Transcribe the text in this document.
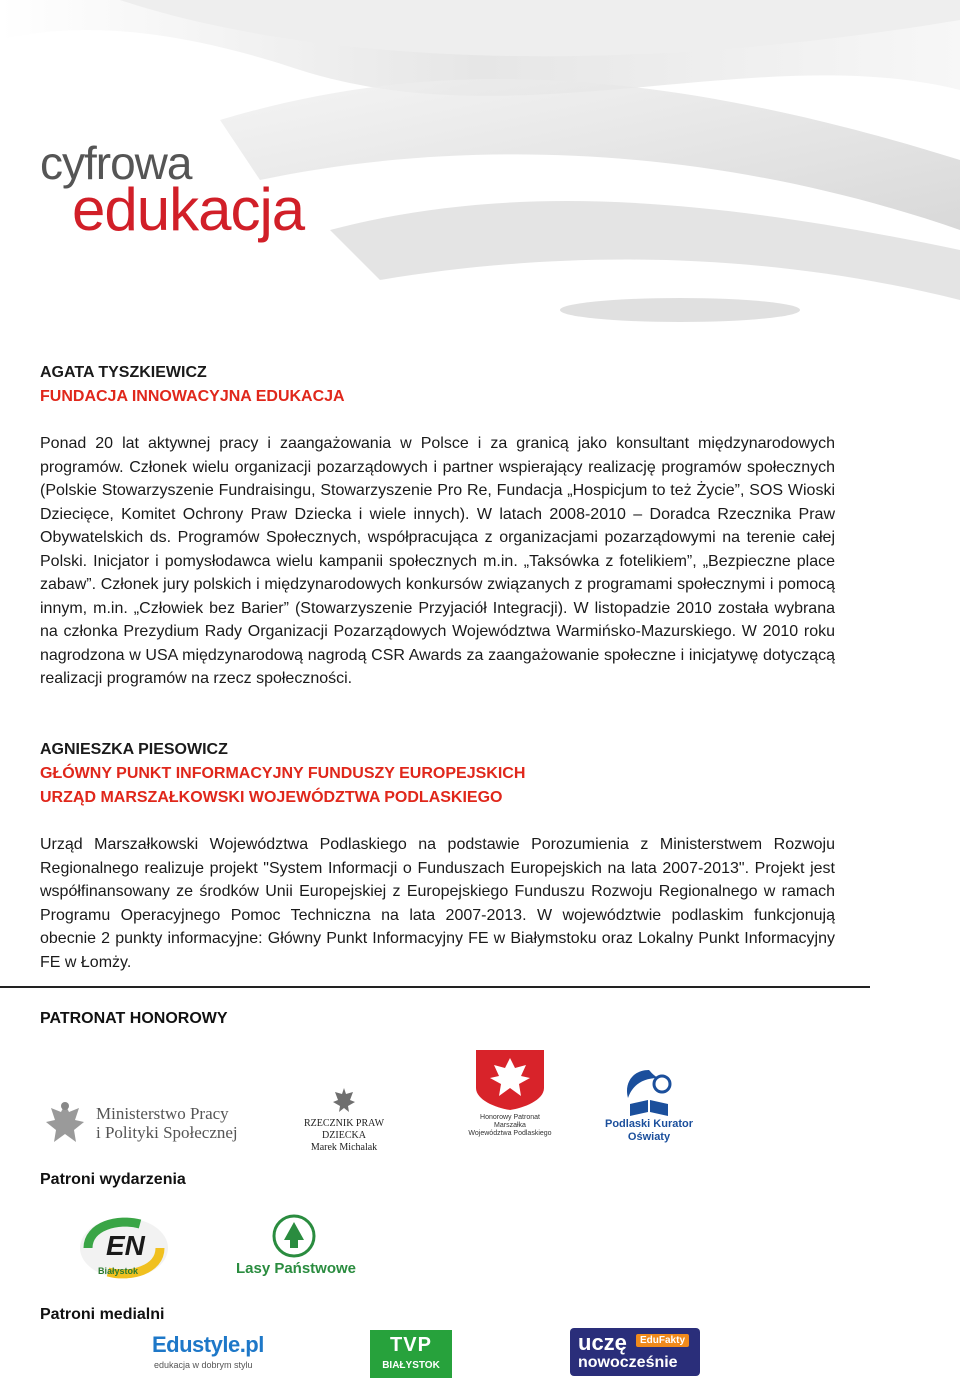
cyfrowa
edukacja
AGATA TYSZKIEWICZ
FUNDACJA INNOWACYJNA EDUKACJA
Ponad 20 lat aktywnej pracy i zaangażowania w Polsce i za granicą jako konsultant międzynarodowych programów. Członek wielu organizacji pozarządowych i partner wspierający realizację programów społecznych (Polskie Stowarzyszenie Fundraisingu, Stowarzyszenie Pro Re, Fundacja „Hospicjum to też Życie”, SOS Wioski Dziecięce, Komitet Ochrony Praw Dziecka i wiele innych). W latach 2008-2010 – Doradca Rzecznika Praw Obywatelskich ds. Programów Społecznych, współpracująca z organizacjami pozarządowymi na terenie całej Polski. Inicjator i pomysłodawca wielu kampanii społecznych m.in. „Taksówka z fotelikiem”, „Bezpieczne place zabaw”. Członek jury polskich i międzynarodowych konkursów związanych z programami społecznymi i pomocą innym, m.in. „Człowiek bez Barier” (Stowarzyszenie Przyjaciół Integracji). W listopadzie 2010 została wybrana na członka Prezydium Rady Organizacji Pozarządowych Województwa Warmińsko-Mazurskiego. W 2010 roku nagrodzona w USA międzynarodową nagrodą CSR Awards za zaangażowanie społeczne i inicjatywę dotyczącą realizacji programów na rzecz społeczności.
AGNIESZKA PIESOWICZ
GŁÓWNY PUNKT INFORMACYJNY FUNDUSZY EUROPEJSKICH
URZĄD MARSZAŁKOWSKI WOJEWÓDZTWA PODLASKIEGO
Urząd Marszałkowski Województwa Podlaskiego na podstawie Porozumienia z Ministerstwem Rozwoju Regionalnego realizuje projekt "System Informacji o Funduszach Europejskich na lata 2007-2013". Projekt jest współfinansowany ze środków Unii Europejskiej z Europejskiego Funduszu Rozwoju Regionalnego w ramach Programu Operacyjnego Pomoc Techniczna na lata 2007-2013. W województwie podlaskim funkcjonują obecnie 2 punkty informacyjne: Główny Punkt Informacyjny FE w Białymstoku oraz Lokalny Punkt Informacyjny FE w Łomży.
PATRONAT HONOROWY
Ministerstwo Pracy
i Polityki Społecznej	RZECZNIK PRAW DZIECKA
Marek Michalak
Honorowy Patronat
Marszałka
Województwa Podlaskiego
Podlaski Kurator
Oświaty
Patroni wydarzenia
EN
Białystok	Lasy Państwowe
Patroni medialni
Edustyle.pl
edukacja w dobrym stylu
TVP
BIAŁYSTOK
uczę	EduFakty
nowocześnie
